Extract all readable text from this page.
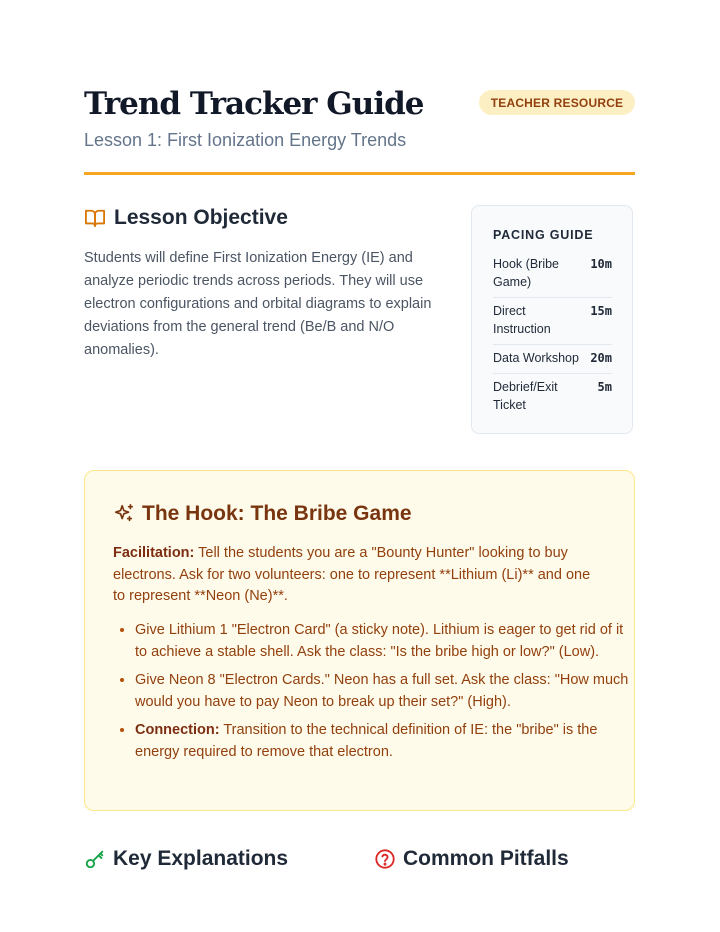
Trend Tracker Guide
Lesson 1: First Ionization Energy Trends
TEACHER RESOURCE
Lesson Objective

Students will define First Ionization Energy (IE) and analyze periodic trends across periods. They will use electron configurations and orbital diagrams to explain deviations from the general trend (Be/B and N/O anomalies).

PACING GUIDE
Hook (Bribe Game)
10m
Direct Instruction
15m
Data Workshop 20m
Debrief/Exit Ticket
5m
The Hook: The Bribe Game

Facilitation: Tell the students you are a "Bounty Hunter" looking to buy electrons. Ask for two volunteers: one to represent **Lithium (Li)** and one to represent **Neon (Ne)**.

• Give Lithium 1 "Electron Card" (a sticky note). Lithium is eager to get rid of it to achieve a stable shell. Ask the class: "Is the bribe high or low?" (Low).
• Give Neon 8 "Electron Cards." Neon has a full set. Ask the class: "How much would you have to pay Neon to break up their set?" (High).
• Connection: Transition to the technical definition of IE: the "bribe" is the energy required to remove that electron.
Key Explanations	Common Pitfalls
